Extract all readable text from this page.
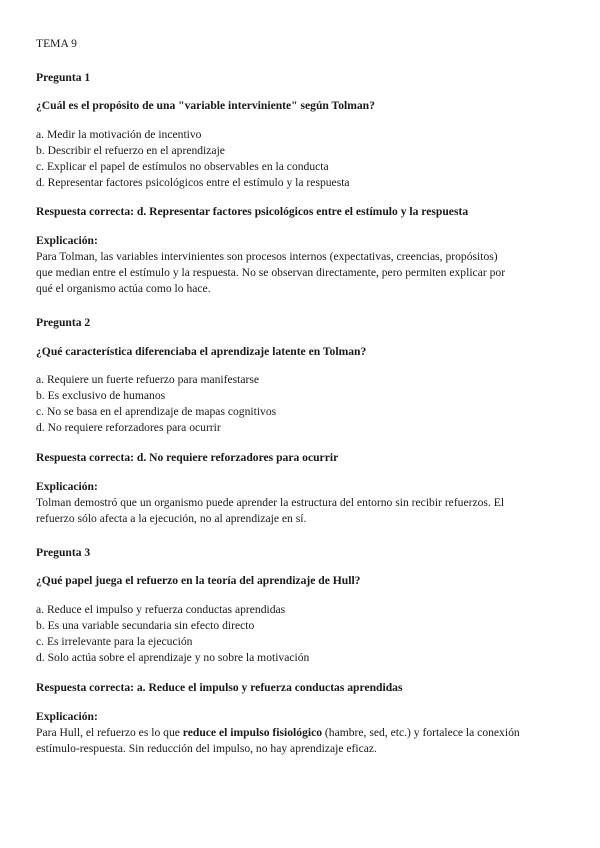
TEMA 9
Pregunta 1
¿Cuál es el propósito de una "variable interviniente" según Tolman?
a. Medir la motivación de incentivo
b. Describir el refuerzo en el aprendizaje
c. Explicar el papel de estímulos no observables en la conducta
d. Representar factores psicológicos entre el estímulo y la respuesta
Respuesta correcta: d. Representar factores psicológicos entre el estímulo y la respuesta
Explicación:
Para Tolman, las variables intervinientes son procesos internos (expectativas, creencias, propósitos)
que median entre el estímulo y la respuesta. No se observan directamente, pero permiten explicar por
qué el organismo actúa como lo hace.
Pregunta 2
¿Qué característica diferenciaba el aprendizaje latente en Tolman?
a. Requiere un fuerte refuerzo para manifestarse
b. Es exclusivo de humanos
c. No se basa en el aprendizaje de mapas cognitivos
d. No requiere reforzadores para ocurrir
Respuesta correcta: d. No requiere reforzadores para ocurrir
Explicación:
Tolman demostró que un organismo puede aprender la estructura del entorno sin recibir refuerzos. El
refuerzo sólo afecta a la ejecución, no al aprendizaje en sí.
Pregunta 3
¿Qué papel juega el refuerzo en la teoría del aprendizaje de Hull?
a. Reduce el impulso y refuerza conductas aprendidas
b. Es una variable secundaria sin efecto directo
c. Es irrelevante para la ejecución
d. Solo actúa sobre el aprendizaje y no sobre la motivación
Respuesta correcta: a. Reduce el impulso y refuerza conductas aprendidas
Explicación:
Para Hull, el refuerzo es lo que reduce el impulso fisiológico (hambre, sed, etc.) y fortalece la conexión
estímulo-respuesta. Sin reducción del impulso, no hay aprendizaje eficaz.
